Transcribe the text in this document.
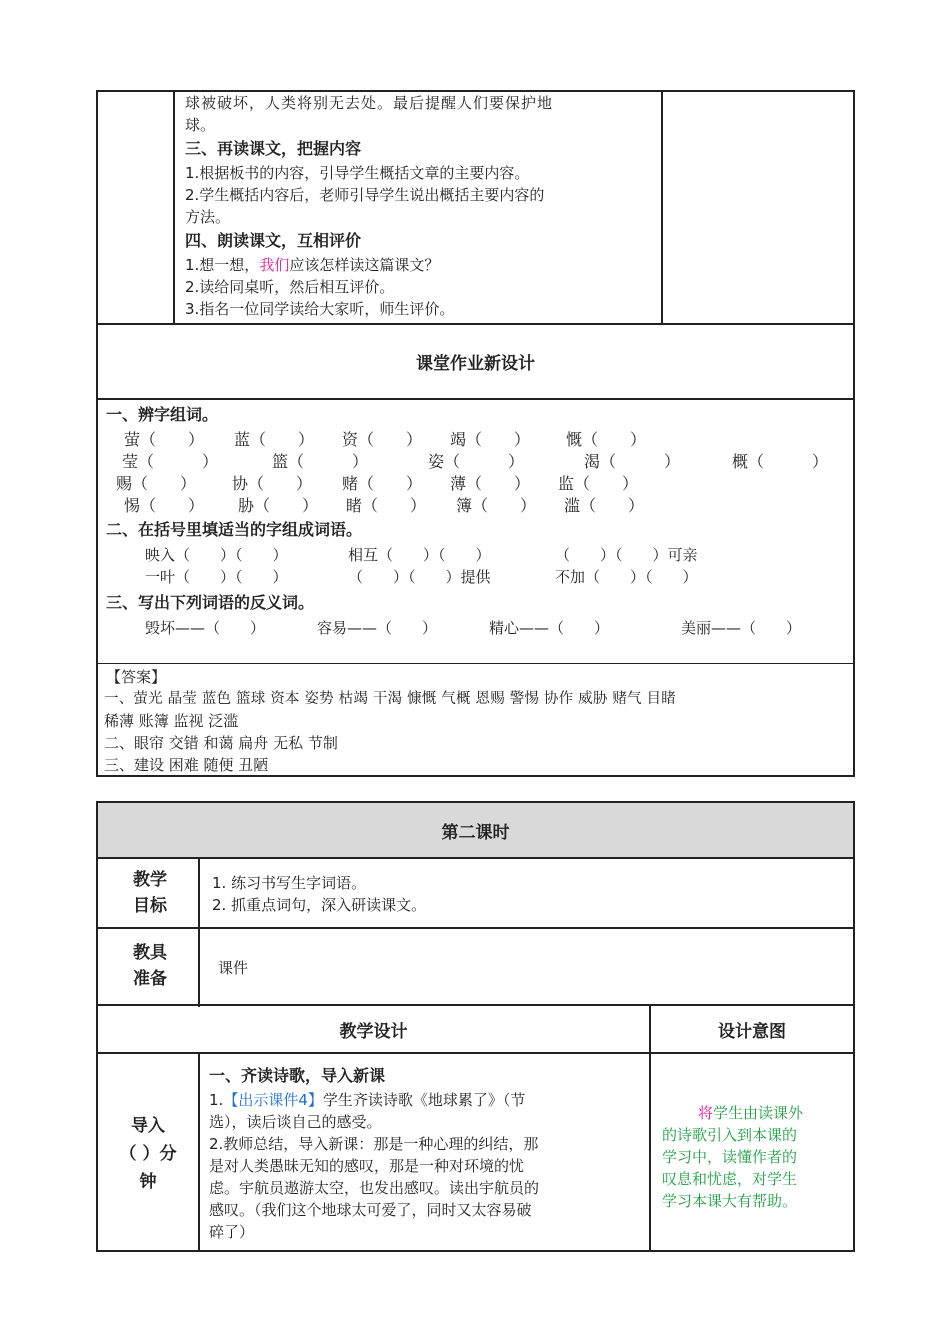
球被破坏，人类将别无去处。最后提醒人们要保护地
球。
三、再读课文，把握内容
1.根据板书的内容，引导学生概括文章的主要内容。
2.学生概括内容后，老师引导学生说出概括主要内容的
方法。
四、朗读课文，互相评价
1.想一想，我们应该怎样读这篇课文？
2.读给同桌听，然后相互评价。
3.指名一位同学读给大家听，师生评价。
课堂作业新设计
一、辨字组词。
萤（　　） 蓝（　　） 资（　　） 竭（　　） 慨（　　）
莹（　　　）	篮（　　　）	姿（　　　）	渴（　　　）	概（　　　）
赐（　　） 协（　　） 赌（　　） 薄（　　） 监（　　）
惕（　　） 胁（　　） 睹（　　） 簿（　　） 滥（　　）
二、在括号里填适当的字组成词语。
映入（　　）（　　）	相互（　　）（　　）	（　　）（　　）可亲
一叶（　　）（　　）	（　　）（　　）提供	不加（　　）（　　）
三、写出下列词语的反义词。
毁坏——（　　）	容易——（　　）	精心——（　　）	美丽——（　　）
【答案】
一、萤光 晶莹 蓝色 篮球 资本 姿势 枯竭 干渴 慷慨 气概 恩赐 警惕 协作 威胁 赌气 目睹
稀薄 账簿 监视 泛滥
二、眼帘 交错 和蔼 扁舟 无私 节制
三、建设 困难 随便 丑陋
第二课时
教学目标
1. 练习书写生字词语。
2. 抓重点词句，深入研读课文。
教具准备
课件
教学设计	设计意图
导入
（ ）分
钟
一、齐读诗歌，导入新课
1.【出示课件4】学生齐读诗歌《地球累了》（节
选），读后谈自己的感受。
2.教师总结，导入新课：那是一种心理的纠结，那
是对人类愚昧无知的感叹，那是一种对环境的忧
虑。宇航员遨游太空，也发出感叹。读出宇航员的
感叹。（我们这个地球太可爱了，同时又太容易破
碎了）
将学生由读课外
的诗歌引入到本课的
学习中，读懂作者的
叹息和忧虑，对学生
学习本课大有帮助。
